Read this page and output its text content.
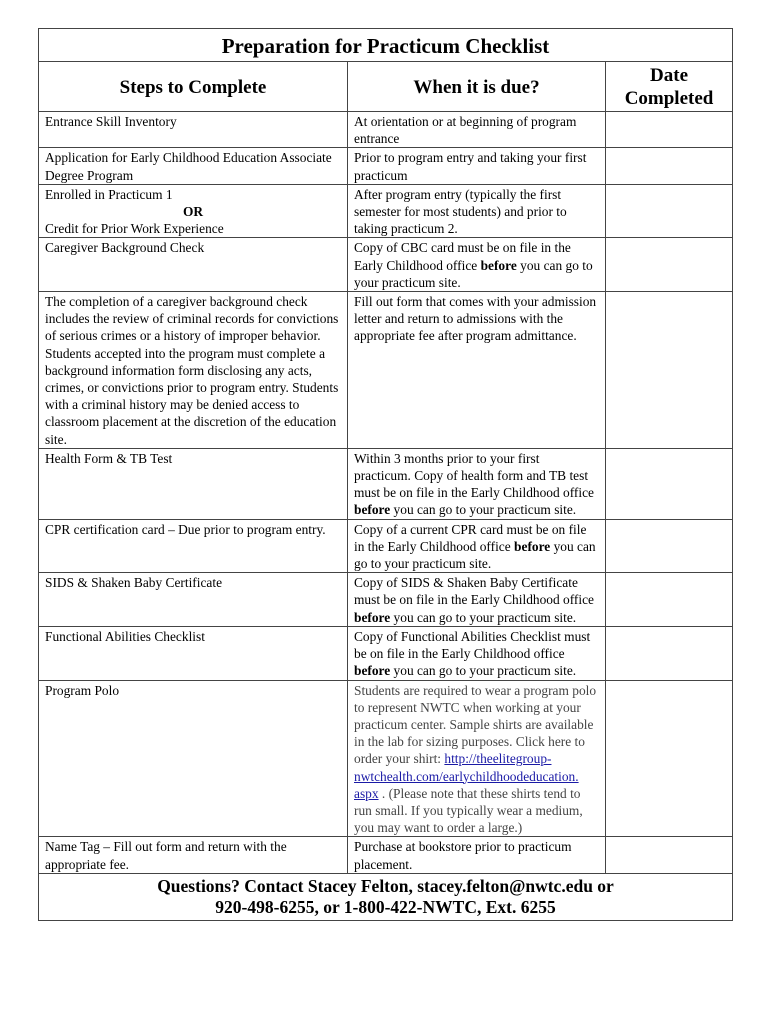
Preparation for Practicum Checklist		
Steps to Complete	When it is due?	Date
Completed
Entrance Skill Inventory	At orientation or at beginning of program entrance	
Application for Early Childhood Education Associate Degree Program	Prior to program entry and taking your first practicum	
Enrolled in Practicum 1
OR
Credit for Prior Work Experience	After program entry (typically the first semester for most students) and prior to taking practicum 2.	
Caregiver Background Check	Copy of CBC card must be on file in the Early Childhood office before you can go to your practicum site.	
The completion of a caregiver background check includes the review of criminal records for convictions of serious crimes or a history of improper behavior. Students accepted into the program must complete a background information form disclosing any acts, crimes, or convictions prior to program entry. Students with a criminal history may be denied access to classroom placement at the discretion of the education site.	Fill out form that comes with your admission letter and return to admissions with the appropriate fee after program admittance.	
Health Form & TB Test	Within 3 months prior to your first practicum. Copy of health form and TB test must be on file in the Early Childhood office before you can go to your practicum site.	
CPR certification card – Due prior to program entry.	Copy of a current CPR card must be on file in the Early Childhood office before you can go to your practicum site.	
SIDS & Shaken Baby Certificate	Copy of SIDS & Shaken Baby Certificate must be on file in the Early Childhood office before you can go to your practicum site.	
Functional Abilities Checklist	Copy of Functional Abilities Checklist must be on file in the Early Childhood office before you can go to your practicum site.	
Program Polo	Students are required to wear a program polo to represent NWTC when working at your practicum center. Sample shirts are available in the lab for sizing purposes. Click here to order your shirt: http://theelitegroup-
nwtchealth.com/earlychildhoodeducation.
aspx . (Please note that these shirts tend to run small. If you typically wear a medium, you may want to order a large.)	
Name Tag – Fill out form and return with the appropriate fee.	Purchase at bookstore prior to practicum placement.	
Questions? Contact Stacey Felton, stacey.felton@nwtc.edu or
920-498-6255, or 1-800-422-NWTC, Ext. 6255		
